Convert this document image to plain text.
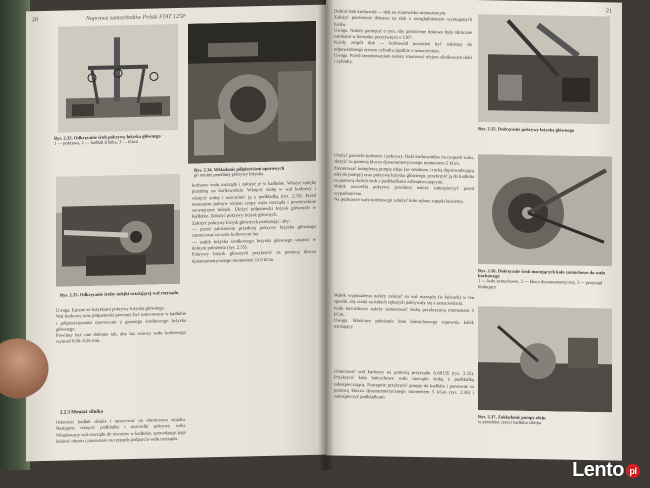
20	Naprawa samochodów Polski FIAT 125P
Rys. 2.32. Odkręcanie śrub pokrywy łożyska głównego
1 — pokrywa, 2 — kadłub silnika, 3 — klucz
Rys. 2.34. Wkładanie półpierścieni oporowych
po stronie przedniej pokrywy łożyska
Rys. 2.35. Odkręcanie śruby tulejki ustalającej wał rozrządu
korbowe wału rozrządu i założyć je w kadłubie. Włożyć tulejkę przednią na korbowodzie. Wkręcić śrubę w wał korbowy i wkręcić śrubę i uszczelnić ją z podkładką (rys. 2.33). Przed montażem pokryw olejem czopy wału rozrządu i powierzchnie wewnętrzne tulejek. Ułożyć półpanewki łożysk głównych w kadłubie. Założyć pokrywy łożysk głównych.
Założyć pokrywy łożysk głównych pamiętając, aby:
— przed założeniem przedniej pokrywy łożyska głównego zamocować na wale korbowym luz.
— wałek łożyska środkowego łożyska głównego ustawić w dolnym położeniu (rys. 2.35).
Pokrywy łożysk głównych przykręcić za pomocą klucza dynamometrycznego momentem 11,9 kGm.
Uwaga. Łączne ze łożyskami pokrywy łożyska głównego.
Wał korbowy oraz półpanewki powinny być umocowane w kadłubie i półpierścieniami oporowymi z grzanego środkowego łożyska głównego.
Powinny być one dobrane tak, aby luz osiowy wału korbowego wynosił 0,06–0,26 mm.
2.2.3 Montaż silnika
Odwrócić kadłub silnika i umocować na obrotowym stojaku. Następnie wkręcić podkładki i uszczelki pokrywy wału. Wbudowany wał rozrządu do otworów w kadłubie, sprawdzając jego lekkość obrotu i pasowanie na czopach podparcia wału rozrządu.
21
Dobrać tłok korbowód — tłok na stanowisku montażowym.
Założyć pierścienie tłokowe na tłok z uwzględnieniem wymaganych luzów.
Uwaga. Należy pamiętać o tym, aby pierścienie tłokowe były obrócone zamkami w kierunku przeciwnym o 120°.
Każdy zespół tłok — korbowód powinien być włożony do odpowiedniego otworu cylindra zgodnie z oznaczeniem.
Uwaga. Przed zmontowaniem należy smarować olejem silnikowym tłoki i cylindry.
Rys. 2.35. Dokręcanie pokrywy łożyska głównego
Ułożyć panewki korbowe i pokrywy. Boki korbowodów na czopach wału, skręcić za pomocą klucza dynamometrycznego momentem 5 kGm.
Zmontować kompletną pompę oleju (ze smokiem i rurką doprowadzającą olej do pompy) oraz pokrywę łożyska głównego, przykręcić ją do kadłuba za pomocą dwóch śrub z podkładkami zabezpieczającymi.
Wałek uszczelki pokrywy przedniej należy zabezpieczyć przed wypadnięciem.
Na podstawie wału korbowego założyć koło zębate zapędu łańcucha.
Rys. 2.36. Dokręcanie śrub mocujących koło zamachowe do wału korbowego
1 — koło zamachowe, 2 — klucz dynamometryczny, 3 — przyrząd blokujący
Wałek wyposażenia należy założyć na wał rozrządu (w łańcuch) w ten sposób, aby znaki na kołach zębatych pokrywały się z oznaczeniami.
Koło łańcuchowe należy zamocować śrubą przykręconą momentem 5 kGm.
Uwaga. Właściwe położenie koła łańcuchowego zapewnia kołek ustalający.
Rys. 2.37. Zakładanie pompy oleju
w przedniej części kadłuba silnika
Umocować wał korbowy na pomocą przyrządu A.60135 (rys. 2.25). Przykręcić koło łańcuchowe wału rozrządu śrubą z podkładką zabezpieczającą. Następnie przykręcić pompę do kadłuba i ponownie za pomocą klucza dynamometrycznego momentem 5 kGm (rys. 2.36) i zabezpieczyć podkładkami.
Lento pl
